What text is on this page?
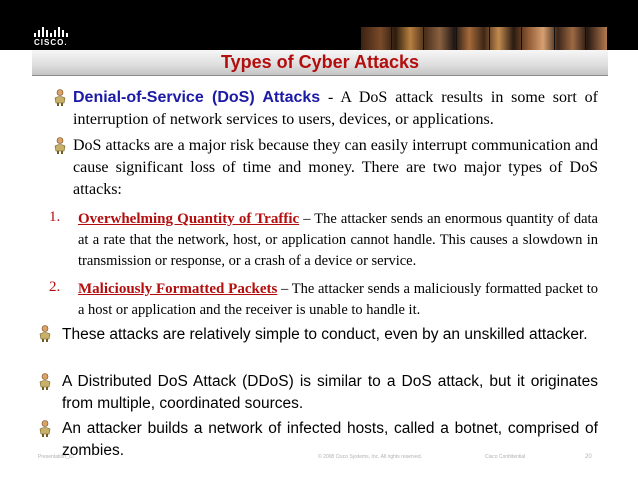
CISCO.
Types of Cyber Attacks
Denial-of-Service (DoS) Attacks - A DoS attack results in some sort of interruption of network services to users, devices, or applications.
DoS attacks are a major risk because they can easily interrupt communication and cause significant loss of time and money. There are two major types of DoS attacks:
1. Overwhelming Quantity of Traffic – The attacker sends an enormous quantity of data at a rate that the network, host, or application cannot handle. This causes a slowdown in transmission or response, or a crash of a device or service.
2. Maliciously Formatted Packets – The attacker sends a maliciously formatted packet to a host or application and the receiver is unable to handle it.
These attacks are relatively simple to conduct, even by an unskilled attacker.
A Distributed DoS Attack (DDoS) is similar to a DoS attack, but it originates from multiple, coordinated sources.
An attacker builds a network of infected hosts, called a botnet, comprised of zombies.
Presentation_ID	© 2008 Cisco Systems, Inc. All rights reserved.	Cisco Confidential	20
